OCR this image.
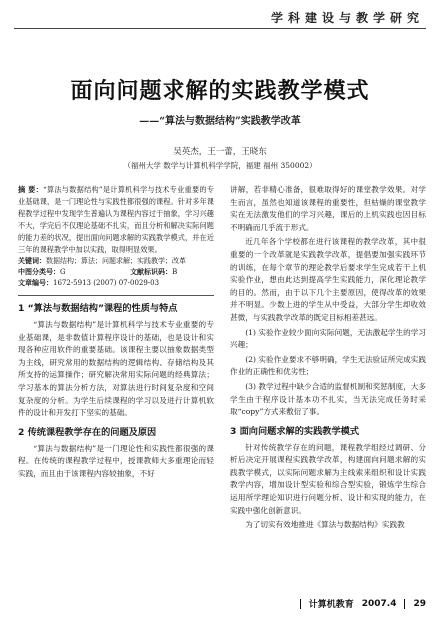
学科建设与教学研究
面向问题求解的实践教学模式
——“算法与数据结构”实践教学改革
吴英杰，王一蕾，王晓东
（福州大学 数学与计算机科学学院，福建 福州 350002）
摘 要：“算法与数据结构”是计算机科学与技术专业重要的专业基础课，是一门理论性与实践性都很强的课程。针对多年课程教学过程中发现学生普遍认为课程内容过于抽象，学习兴趣不大，学完后不仅理论基础不扎实，而且分析和解决实际问题的能力差的状况，提出面向问题求解的实践教学模式，并在近三年的课程教学中加以实践，取得明显效果。
关键词：数据结构；算法；问题求解；实践教学；改革
中图分类号：G	文献标识码：B
文章编号：1672-5913 (2007) 07-0029-03
1 “算法与数据结构”课程的性质与特点

“算法与数据结构”是计算机科学与技术专业重要的专业基础课，是非数值计算程序设计的基础，也是设计和实现各种应用软件的重要基础。该课程主要以抽象数据类型为主线，研究常用的数据结构的逻辑结构、存储结构及其所支持的运算操作；研究解决常用实际问题的经典算法；学习基本的算法分析方法，对算法进行时间复杂度和空间复杂度的分析。为学生后续课程的学习以及进行计算机软件的设计和开发打下坚实的基础。

2 传统课程教学存在的问题及原因

“算法与数据结构”是一门理论性和实践性都很强的课程。在传统的课程教学过程中，授课教师大多重理论而轻实践，而且由于该课程内容较抽象，不好

讲解，若非精心准备，很难取得好的课堂教学效果。对学生而言，虽然也知道该课程的重要性，但枯燥的课堂教学实在无法激发他们的学习兴趣，课后的上机实践也因目标不明确而几乎流于形式。

近几年各个学校都在进行该课程的教学改革，其中很重要的一个改革就是实践教学改革，提倡要加强实践环节的训练，在每个章节的理论教学后要求学生完成若干上机实验作业，想由此达到提高学生实践能力，深化理论教学的目的。然而，由于以下几个主要原因，使得改革的效果并不明显。少数上进的学生从中受益，大部分学生却收效甚微，与实践教学改革的既定目标相差甚远。

(1) 实验作业较少面向实际问题，无法激起学生的学习兴趣；

(2) 实验作业要求不够明确，学生无法验证所完成实践作业的正确性和优劣性；

(3) 教学过程中缺少合适的监督机制和奖惩制度，大多学生由于程序设计基本功不扎实，当无法完成任务时采取“copy”方式来敷衍了事。

3 面向问题求解的实践教学模式

针对传统教学存在的问题，课程教学组经过调研、分析后决定开展课程实践教学改革，构建面向问题求解的实践教学模式，以实际问题求解为主线索来组织和设计实践教学内容，增加设计型实验和综合型实验，锻炼学生综合运用所学理论知识进行问题分析、设计和实现的能力，在实践中强化创新意识。

为了切实有效地推进《算法与数据结构》实践教

计算机教育 2007.4 29
